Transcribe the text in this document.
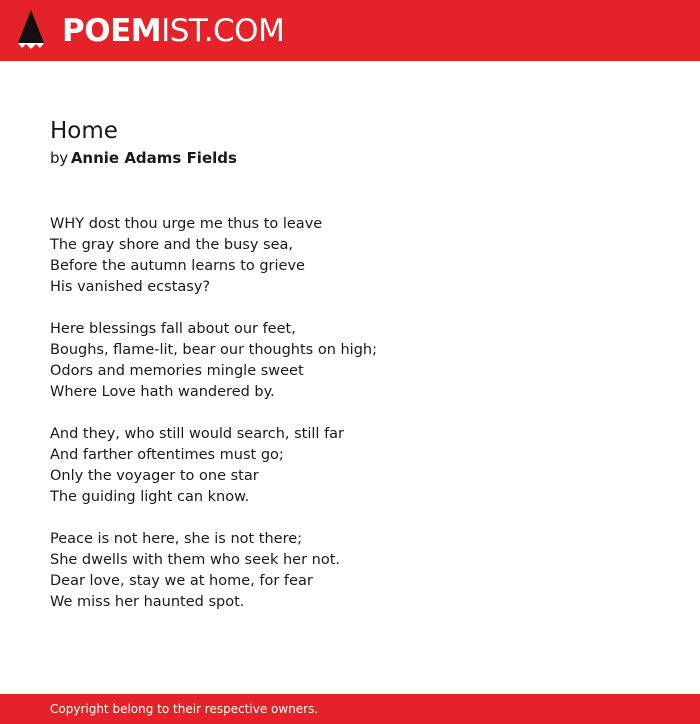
POEMIST.COM
Home

by Annie Adams Fields

WHY dost thou urge me thus to leave
The gray shore and the busy sea,
Before the autumn learns to grieve
His vanished ecstasy?
Here blessings fall about our feet,
Boughs, flame-lit, bear our thoughts on high;
Odors and memories mingle sweet
Where Love hath wandered by.
And they, who still would search, still far
And farther oftentimes must go;
Only the voyager to one star
The guiding light can know.
Peace is not here, she is not there;
She dwells with them who seek her not.
Dear love, stay we at home, for fear
We miss her haunted spot.
Copyright belong to their respective owners.
